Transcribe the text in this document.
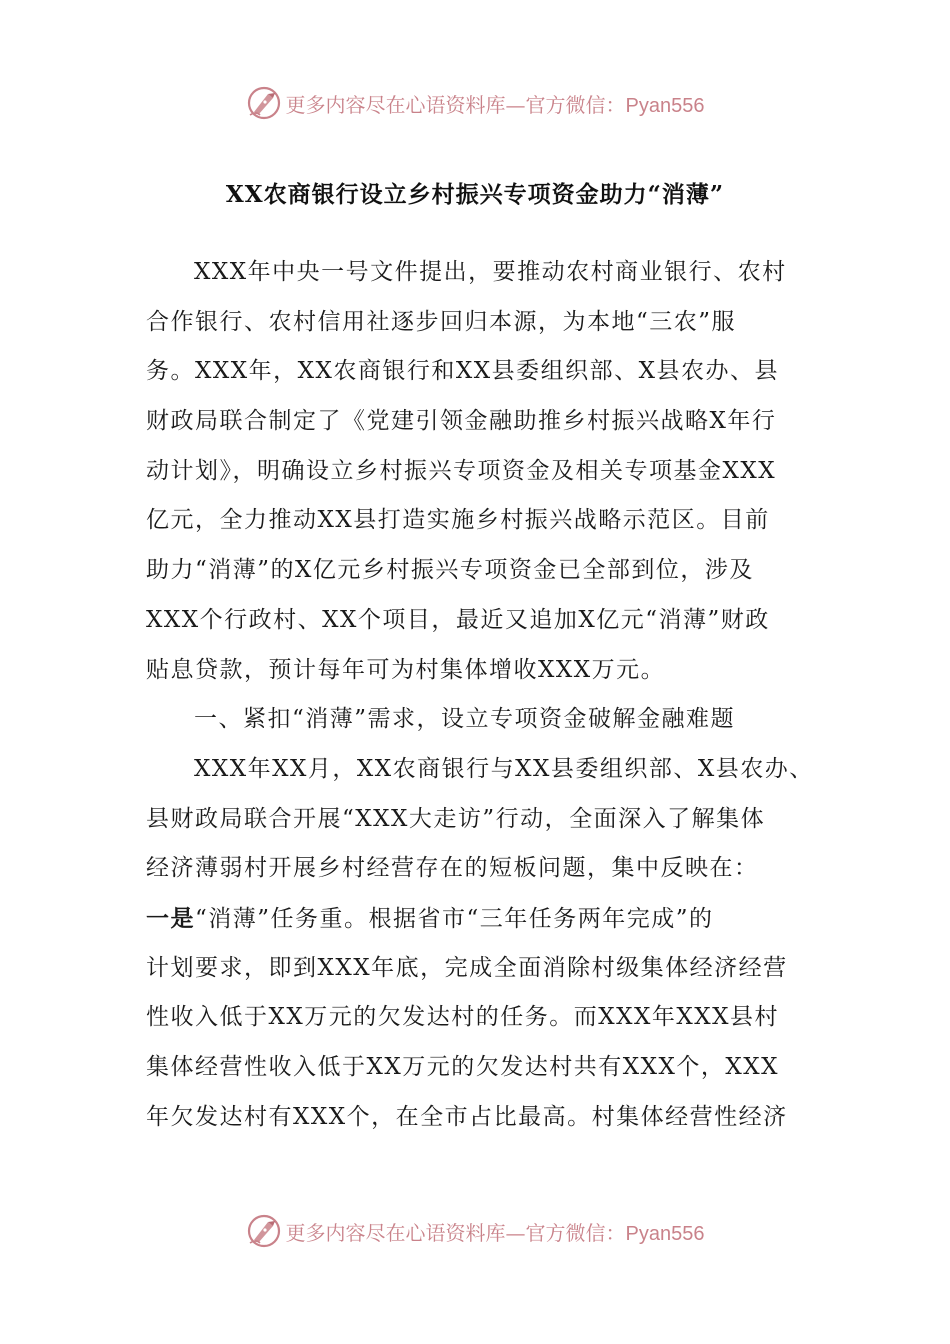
更多内容尽在心语资料库—官方微信：Pyan556
XX农商银行设立乡村振兴专项资金助力“消薄”
XXX年中央一号文件提出，要推动农村商业银行、农村
合作银行、农村信用社逐步回归本源，为本地“三农”服
务。XXX年，XX农商银行和XX县委组织部、X县农办、县
财政局联合制定了《党建引领金融助推乡村振兴战略X年行
动计划》，明确设立乡村振兴专项资金及相关专项基金XXX
亿元，全力推动XX县打造实施乡村振兴战略示范区。目前
助力“消薄”的X亿元乡村振兴专项资金已全部到位，涉及
XXX个行政村、XX个项目，最近又追加X亿元“消薄”财政
贴息贷款，预计每年可为村集体增收XXX万元。
一、紧扣“消薄”需求，设立专项资金破解金融难题
XXX年XX月，XX农商银行与XX县委组织部、X县农办、
县财政局联合开展“XXX大走访”行动，全面深入了解集体
经济薄弱村开展乡村经营存在的短板问题，集中反映在：
一是“消薄”任务重。根据省市“三年任务两年完成”的
计划要求，即到XXX年底，完成全面消除村级集体经济经营
性收入低于XX万元的欠发达村的任务。而XXX年XXX县村
集体经营性收入低于XX万元的欠发达村共有XXX个，XXX
年欠发达村有XXX个，在全市占比最高。村集体经营性经济
更多内容尽在心语资料库—官方微信：Pyan556
